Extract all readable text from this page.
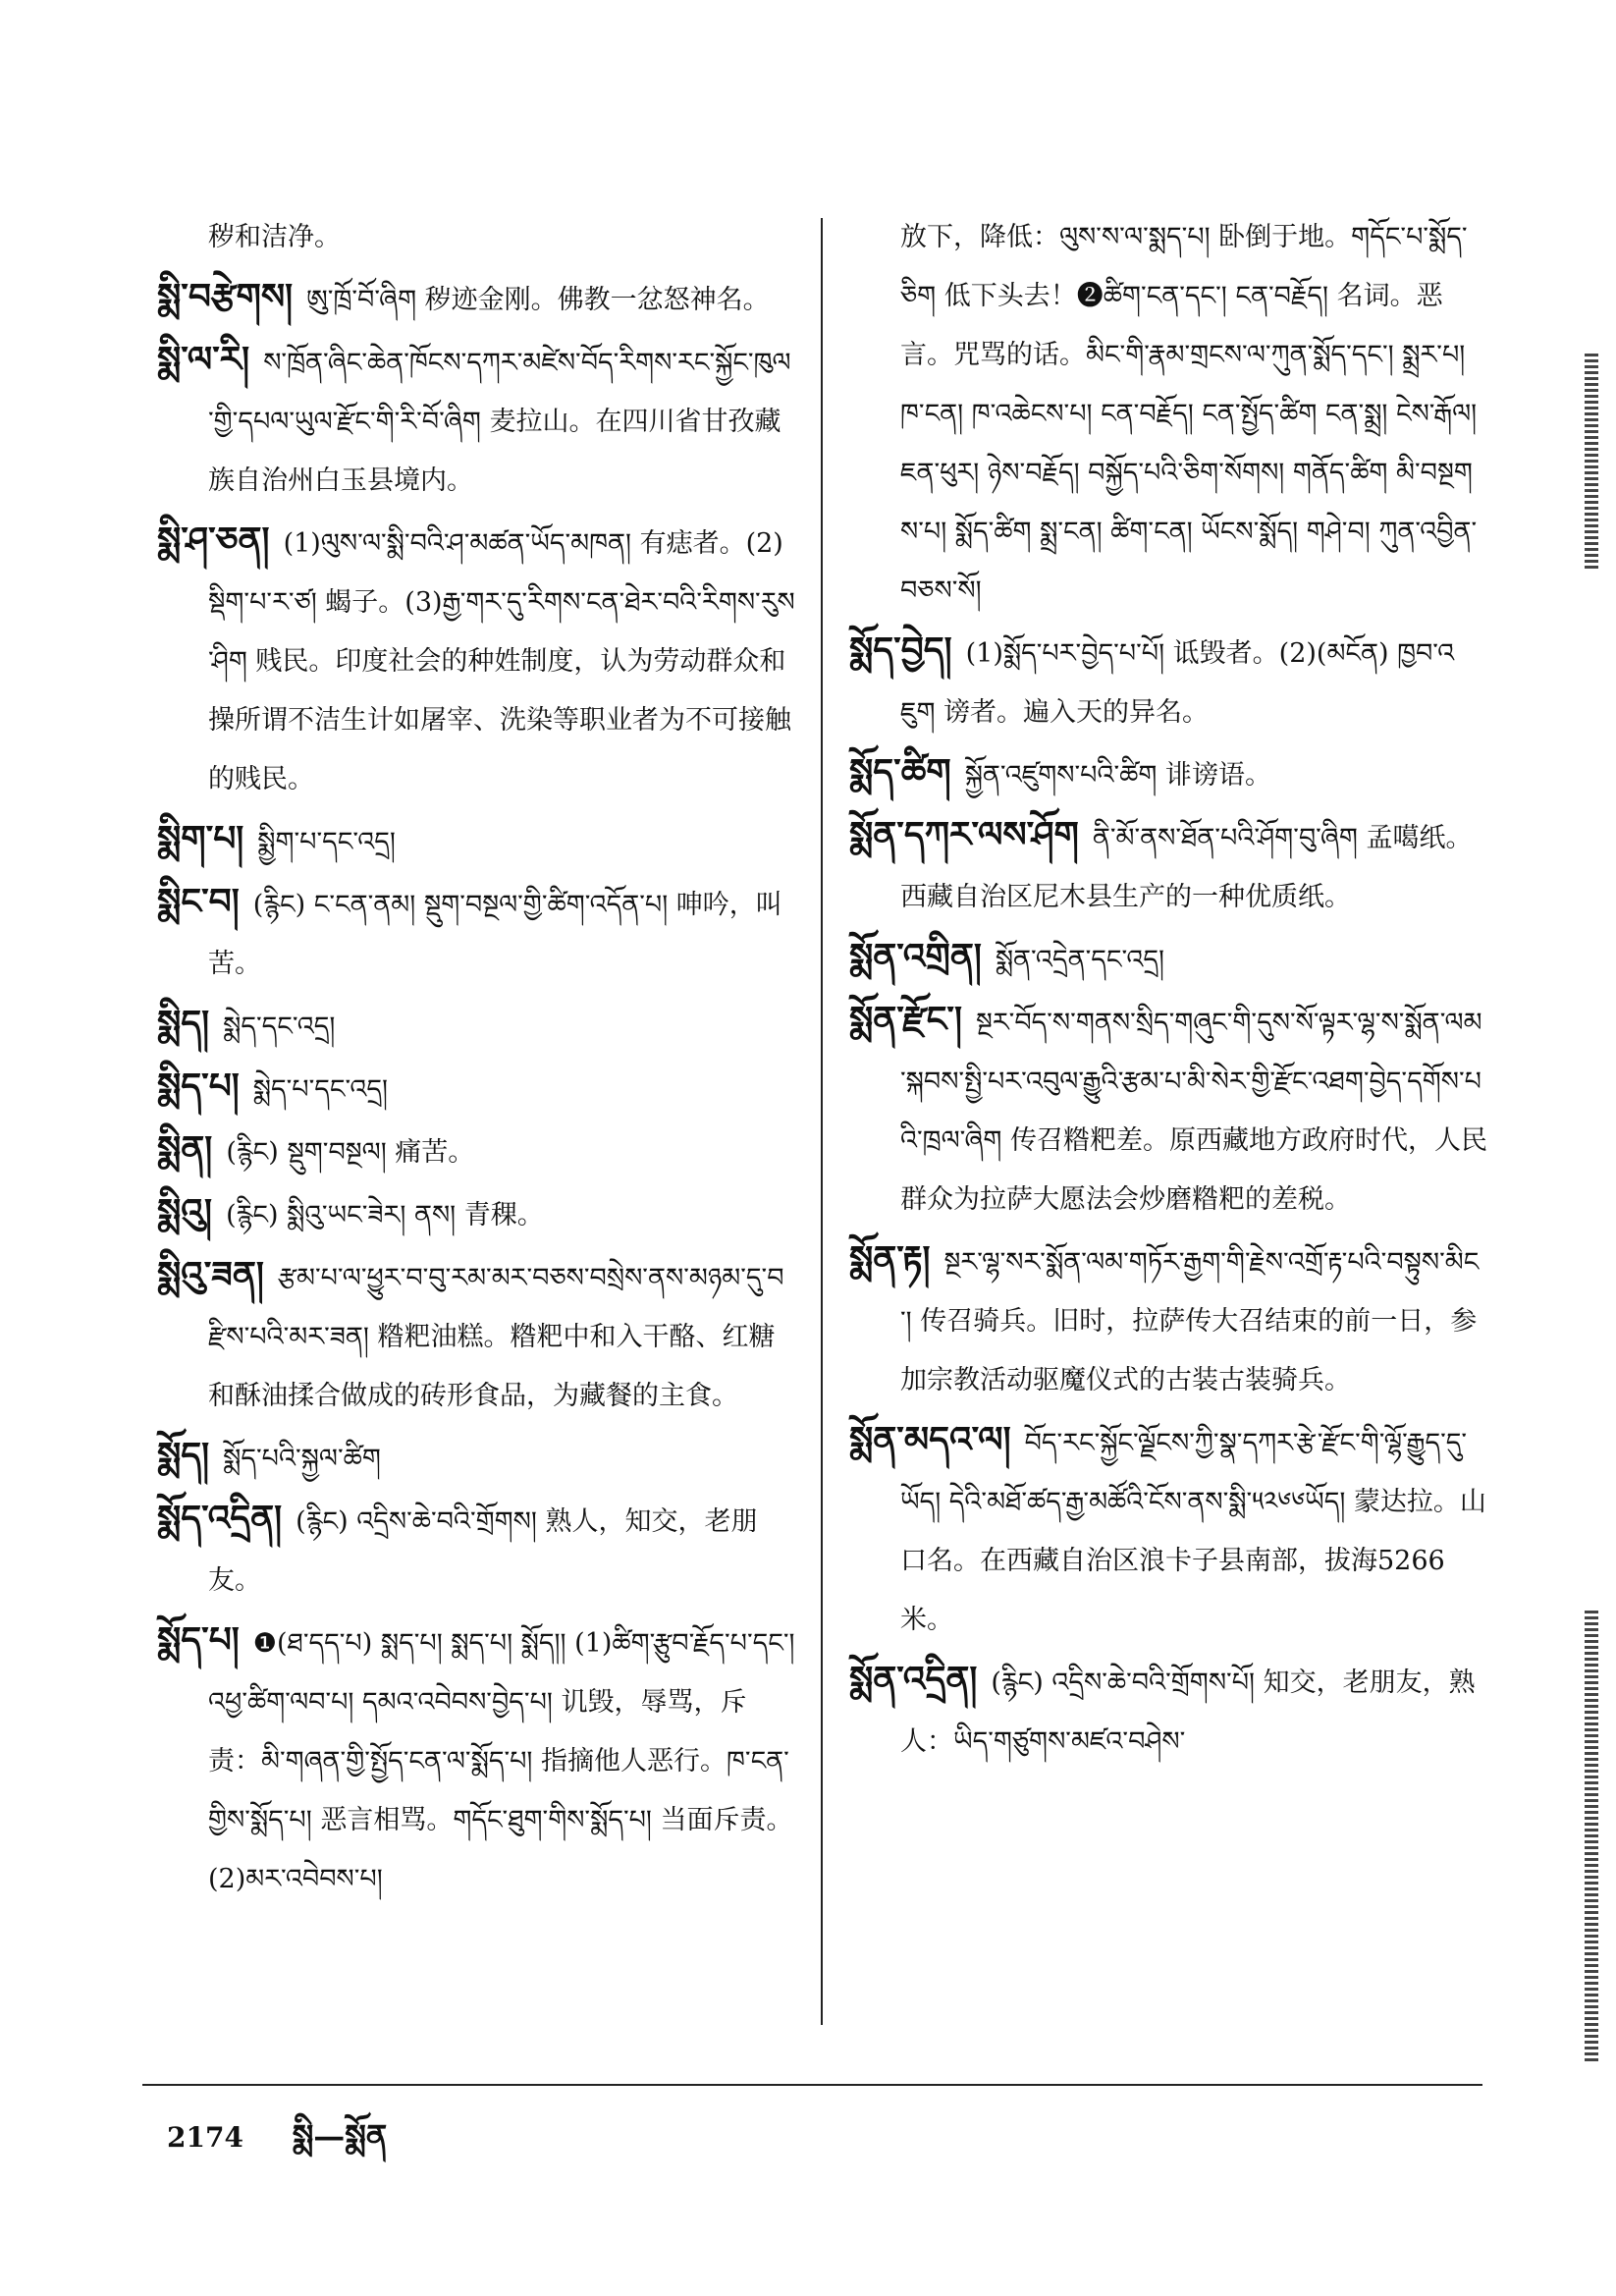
秽和洁净。

སྨི་བརྩེགས། ཨུ་ཁྲོ་བོ་ཞིག 秽迹金刚。佛教一忿怒神名。

སྨི་ལ་རི། ས་ཁྲོན་ཞིང་ཆེན་ཁོངས་དཀར་མཛེས་བོད་རིགས་རང་སྐྱོང་ཁུལ་གྱི་དཔལ་ཡུལ་རྫོང་གི་རི་བོ་ཞིག 麦拉山。在四川省甘孜藏族自治州白玉县境内。

སྨི་ཤ་ཅན། (1)ལུས་ལ་སྨི་བའི་ཤ་མཚན་ཡོད་མཁན། 有痣者。(2)སྡིག་པ་ར་ཙ། 蝎子。(3)རྒྱ་གར་དུ་རིགས་ངན་ཐེར་བའི་རིགས་རུས་ཤིག 贱民。印度社会的种姓制度，认为劳动群众和操所谓不洁生计如屠宰、洗染等职业者为不可接触的贱民。

སྨིག་པ། སྨྱིག་པ་དང་འདྲ།

སྨིང་བ། (རྙིང) ང་ངན་ནམ། སྡུག་བསྔལ་གྱི་ཚིག་འདོན་པ། 呻吟，叫苦。

སྨིད། སྨེད་དང་འདྲ།

སྨིད་པ། སྨེད་པ་དང་འདྲ།

སྨིན། (རྙིང) སྡུག་བསྔལ། 痛苦。

སྨིའུ། (རྙིང) སྨིའུ་ཡང་ཟེར། ནས། 青稞。

སྨིའུ་ཟན། རྩམ་པ་ལ་ཕྱུར་བ་བུ་རམ་མར་བཅས་བསྲེས་ནས་མཉམ་དུ་བརྫིས་པའི་མར་ཟན། 糌粑油糕。糌粑中和入干酪、红糖和酥油揉合做成的砖形食品，为藏餐的主食。

སྨོད། སྨོད་པའི་སྐྱལ་ཚིག

སྨོད་འདྲིན། (རྙིང) འདྲིས་ཆེ་བའི་གྲོགས། 熟人，知交，老朋友。

སྨོད་པ། ❶(ཐ་དད་པ) སྨད་པ། སྨད་པ། སྨོད།། (1)ཚིག་རྩུབ་རྗོད་པ་དང་། འཕྱ་ཚིག་ལབ་པ། དམའ་འབེབས་བྱེད་པ། 讥毁，辱骂，斥责：མི་གཞན་གྱི་སྤྱོད་ངན་ལ་སྨོད་པ། 指摘他人恶行。ཁ་ངན་གྱིས་སྨོད་པ། 恶言相骂。གདོང་ཐུག་གིས་སྨོད་པ། 当面斥责。(2)མར་འབེབས་པ།

放下，降低：ལུས་ས་ལ་སྨད་པ། 卧倒于地。གདོང་པ་སྨོད་ཅིག 低下头去！❷ཚིག་ངན་དང་། ངན་བརྗོད། 名词。恶言。咒骂的话。མིང་གི་རྣམ་གྲངས་ལ་ཀུན་སྨོད་དང་། སྨྲར་པ། ཁ་ངན། ཁ་འཆེངས་པ། ངན་བརྗོད། ངན་སྤྱོད་ཚིག ངན་སྨྲ། ངེས་རྒོལ། ཇན་ཕུར། ཉེས་བརྗོད། བསྐྱོད་པའི་ཅིག་སོགས། གནོད་ཚིག མི་བསྔགས་པ། སྨོད་ཚིག སྨྲ་ངན། ཚིག་ངན། ཡོངས་སྨོད། གཤེ་བ། ཀུན་འབྱིན་བཅས་སོ།

སྨོད་བྱེད། (1)སྨོད་པར་བྱེད་པ་པོ། 诋毁者。(2)(མངོན) ཁྱབ་འཇུག 谤者。遍入天的异名。

སྨོད་ཚིག སྐྱོན་འཛུགས་པའི་ཚིག 诽谤语。

སྨོན་དཀར་ལས་ཤོག ནི་མོ་ནས་ཐོན་པའི་ཤོག་བུ་ཞིག 孟噶纸。西藏自治区尼木县生产的一种优质纸。

སྨོན་འགྲིན། སྨོན་འདྲེན་དང་འདྲ།

སྨོན་རྫོང་། སྔར་བོད་ས་གནས་སྲིད་གཞུང་གི་དུས་སོ་ལྟར་ལྷ་ས་སྨོན་ལམ་སྐབས་སྤྱི་པར་འབུལ་རྒྱུའི་རྩམ་པ་མི་སེར་གྱི་རྫོང་འཐག་བྱེད་དགོས་པའི་ཁྲལ་ཞིག 传召糌粑差。原西藏地方政府时代，人民群众为拉萨大愿法会炒磨糌粑的差税。

སྨོན་རྟ། སྔར་ལྷ་སར་སྨོན་ལམ་གཏོར་རྒྱག་གི་རྗེས་འགྲོ་རྟ་པའི་བསྟུས་མིང་། 传召骑兵。旧时，拉萨传大召结束的前一日，参加宗教活动驱魔仪式的古装古装骑兵。

སྨོན་མདའ་ལ། བོད་རང་སྐྱོང་ལྗོངས་ཀྱི་སྣ་དཀར་རྩེ་རྫོང་གི་ལྷོ་རྒྱུད་དུ་ཡོད། དེའི་མཐོ་ཚད་རྒྱ་མཚོའི་ངོས་ནས་སྨི་༥༢༦༦ཡོད། 蒙达拉。山口名。在西藏自治区浪卡子县南部，拔海5266米。

སྨོན་འདྲིན། (རྙིང) འདྲིས་ཆེ་བའི་གྲོགས་པོ། 知交，老朋友，熟人：ཡིད་གཙུགས་མཛའ་བཤེས་

2174 སྨི—སྨོན
